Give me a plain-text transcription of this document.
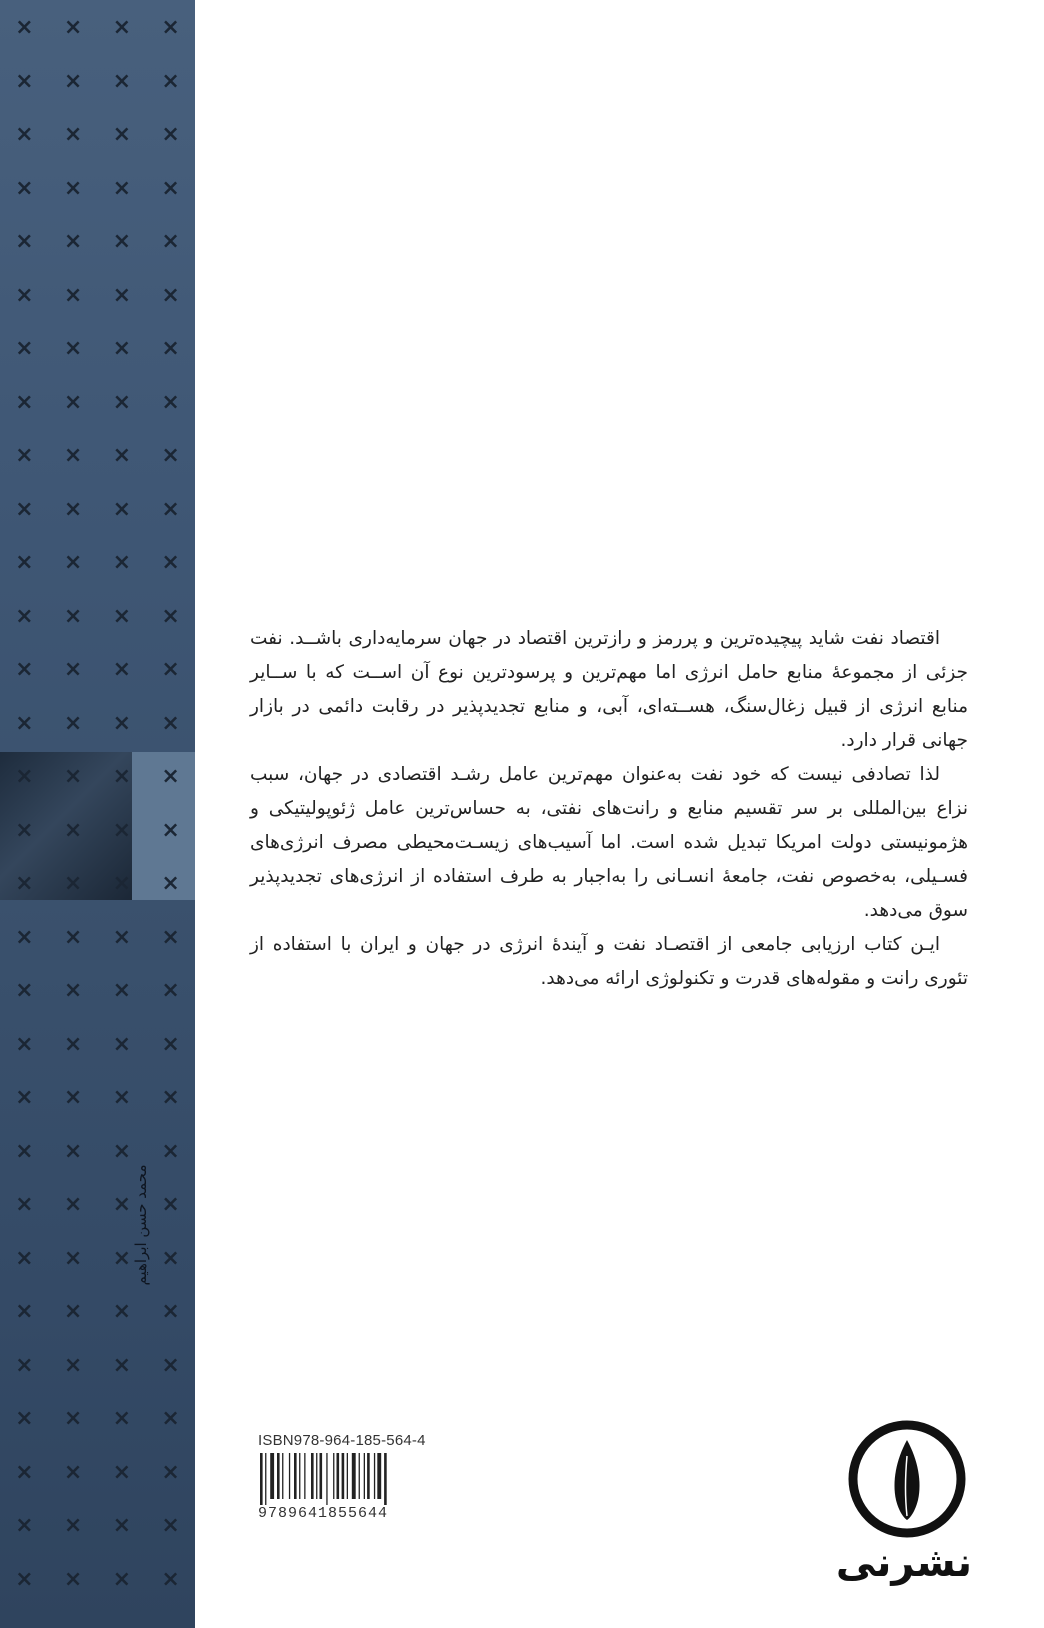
× × × ×
× × × ×
× × × ×
× × × ×
× × × ×
× × × ×
× × × ×
× × × ×
× × × ×
× × × ×
× × × ×
× × × ×
× × × ×
× × × ×
× × × ×
× × × ×
× × × ×
× × × ×
× × × ×
× × × ×
× × × ×
× × × ×
× × × ×
× × × ×
× × × ×
× × × ×
× × × ×
× × × ×
× × × ×
× × × ×
محمد حسن ابراهیم

اقتصاد نفت شاید پیچیده‌ترین و پررمز و رازترین اقتصاد در جهان سرمایه‌داری باشــد. نفت جزئی از مجموعهٔ منابع حامل انرژی اما مهم‌ترین و پرسودترین نوع آن اســت که با ســایر منابع انرژی از قبیل زغال‌سنگ، هســته‌ای، آبی، و منابع تجدیدپذیر در رقابت دائمی در بازار جهانی قرار دارد.

لذا تصادفی نیست که خود نفت به‌عنوان مهم‌ترین عامل رشـد اقتصادی در جهان، سبب نزاع بین‌المللی بر سر تقسیم منابع و رانت‌های نفتی، به حساس‌ترین عامل ژئوپولیتیکی و هژمونیستی دولت امریکا تبدیل شده است. اما آسیب‌های زیسـت‌محیطی مصرف انرژی‌های فسـیلی، به‌خصوص نفت، جامعهٔ انسـانی را به‌اجبار به طرف استفاده از انرژی‌های تجدیدپذیر سوق می‌دهد.

ایـن کتاب ارزیابی جامعی از اقتصـاد نفت و آیندهٔ انرژی در جهان و ایران با استفاده از تئوری رانت و مقوله‌های قدرت و تکنولوژی ارائه می‌دهد.

ISBN978-964-185-564-4
9789641855644
نشرنی
